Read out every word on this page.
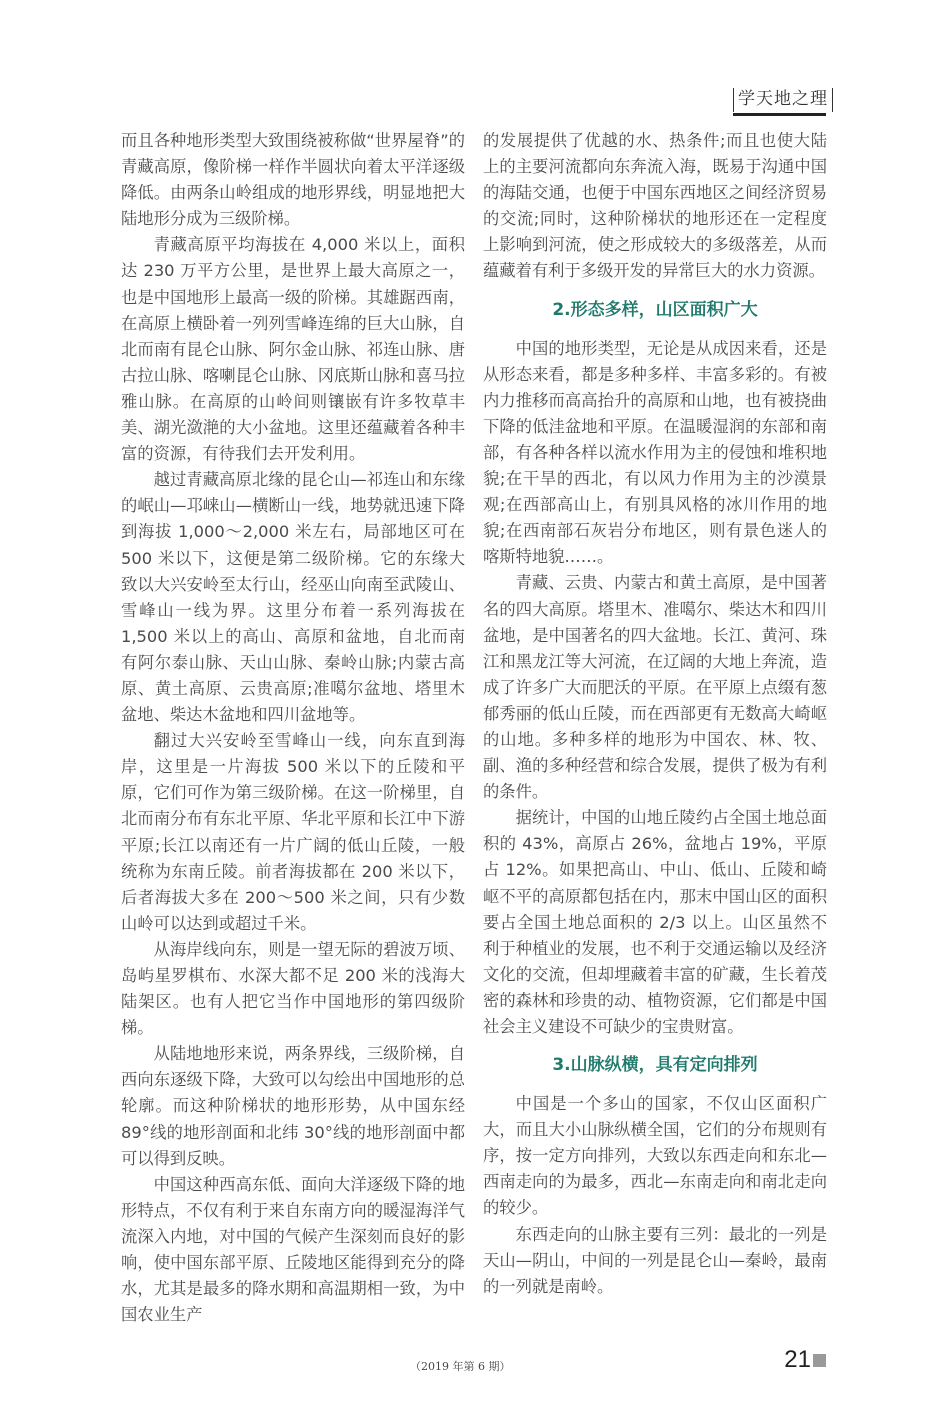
学天地之理

而且各种地形类型大致围绕被称做“世界屋脊”的青藏高原，像阶梯一样作半圆状向着太平洋逐级降低。由两条山岭组成的地形界线，明显地把大陆地形分成为三级阶梯。

青藏高原平均海拔在 4,000 米以上，面积达 230 万平方公里，是世界上最大高原之一，也是中国地形上最高一级的阶梯。其雄踞西南，在高原上横卧着一列列雪峰连绵的巨大山脉，自北而南有昆仑山脉、阿尔金山脉、祁连山脉、唐古拉山脉、喀喇昆仑山脉、冈底斯山脉和喜马拉雅山脉。在高原的山岭间则镶嵌有许多牧草丰美、湖光潋滟的大小盆地。这里还蕴藏着各种丰富的资源，有待我们去开发利用。

越过青藏高原北缘的昆仑山—祁连山和东缘的岷山—邛崃山—横断山一线，地势就迅速下降到海拔 1,000～2,000 米左右，局部地区可在 500 米以下，这便是第二级阶梯。它的东缘大致以大兴安岭至太行山，经巫山向南至武陵山、雪峰山一线为界。这里分布着一系列海拔在 1,500 米以上的高山、高原和盆地，自北而南有阿尔泰山脉、天山山脉、秦岭山脉;内蒙古高原、黄土高原、云贵高原;准噶尔盆地、塔里木盆地、柴达木盆地和四川盆地等。

翻过大兴安岭至雪峰山一线，向东直到海岸，这里是一片海拔 500 米以下的丘陵和平原，它们可作为第三级阶梯。在这一阶梯里，自北而南分布有东北平原、华北平原和长江中下游平原;长江以南还有一片广阔的低山丘陵，一般统称为东南丘陵。前者海拔都在 200 米以下，后者海拔大多在 200～500 米之间，只有少数山岭可以达到或超过千米。

从海岸线向东，则是一望无际的碧波万顷、岛屿星罗棋布、水深大都不足 200 米的浅海大陆架区。也有人把它当作中国地形的第四级阶梯。

从陆地地形来说，两条界线，三级阶梯，自西向东逐级下降，大致可以勾绘出中国地形的总轮廓。而这种阶梯状的地形形势，从中国东经 89°线的地形剖面和北纬 30°线的地形剖面中都可以得到反映。

中国这种西高东低、面向大洋逐级下降的地形特点，不仅有利于来自东南方向的暖湿海洋气流深入内地，对中国的气候产生深刻而良好的影响，使中国东部平原、丘陵地区能得到充分的降水，尤其是最多的降水期和高温期相一致，为中国农业生产

的发展提供了优越的水、热条件;而且也使大陆上的主要河流都向东奔流入海，既易于沟通中国的海陆交通，也便于中国东西地区之间经济贸易的交流;同时，这种阶梯状的地形还在一定程度上影响到河流，使之形成较大的多级落差，从而蕴藏着有利于多级开发的异常巨大的水力资源。

2.形态多样，山区面积广大

中国的地形类型，无论是从成因来看，还是从形态来看，都是多种多样、丰富多彩的。有被内力推移而高高抬升的高原和山地，也有被挠曲下降的低洼盆地和平原。在温暖湿润的东部和南部，有各种各样以流水作用为主的侵蚀和堆积地貌;在干旱的西北，有以风力作用为主的沙漠景观;在西部高山上，有别具风格的冰川作用的地貌;在西南部石灰岩分布地区，则有景色迷人的喀斯特地貌……。

青藏、云贵、内蒙古和黄土高原，是中国著名的四大高原。塔里木、准噶尔、柴达木和四川盆地，是中国著名的四大盆地。长江、黄河、珠江和黑龙江等大河流，在辽阔的大地上奔流，造成了许多广大而肥沃的平原。在平原上点缀有葱郁秀丽的低山丘陵，而在西部更有无数高大崎岖的山地。多种多样的地形为中国农、林、牧、副、渔的多种经营和综合发展，提供了极为有利的条件。

据统计，中国的山地丘陵约占全国土地总面积的 43%，高原占 26%，盆地占 19%，平原占 12%。如果把高山、中山、低山、丘陵和崎岖不平的高原都包括在内，那末中国山区的面积要占全国土地总面积的 2/3 以上。山区虽然不利于种植业的发展，也不利于交通运输以及经济文化的交流，但却埋藏着丰富的矿藏，生长着茂密的森林和珍贵的动、植物资源，它们都是中国社会主义建设不可缺少的宝贵财富。

3.山脉纵横，具有定向排列

中国是一个多山的国家，不仅山区面积广大，而且大小山脉纵横全国，它们的分布规则有序，按一定方向排列，大致以东西走向和东北—西南走向的为最多，西北—东南走向和南北走向的较少。

东西走向的山脉主要有三列：最北的一列是天山—阴山，中间的一列是昆仑山—秦岭，最南的一列就是南岭。

（2019 年第 6 期）	21
